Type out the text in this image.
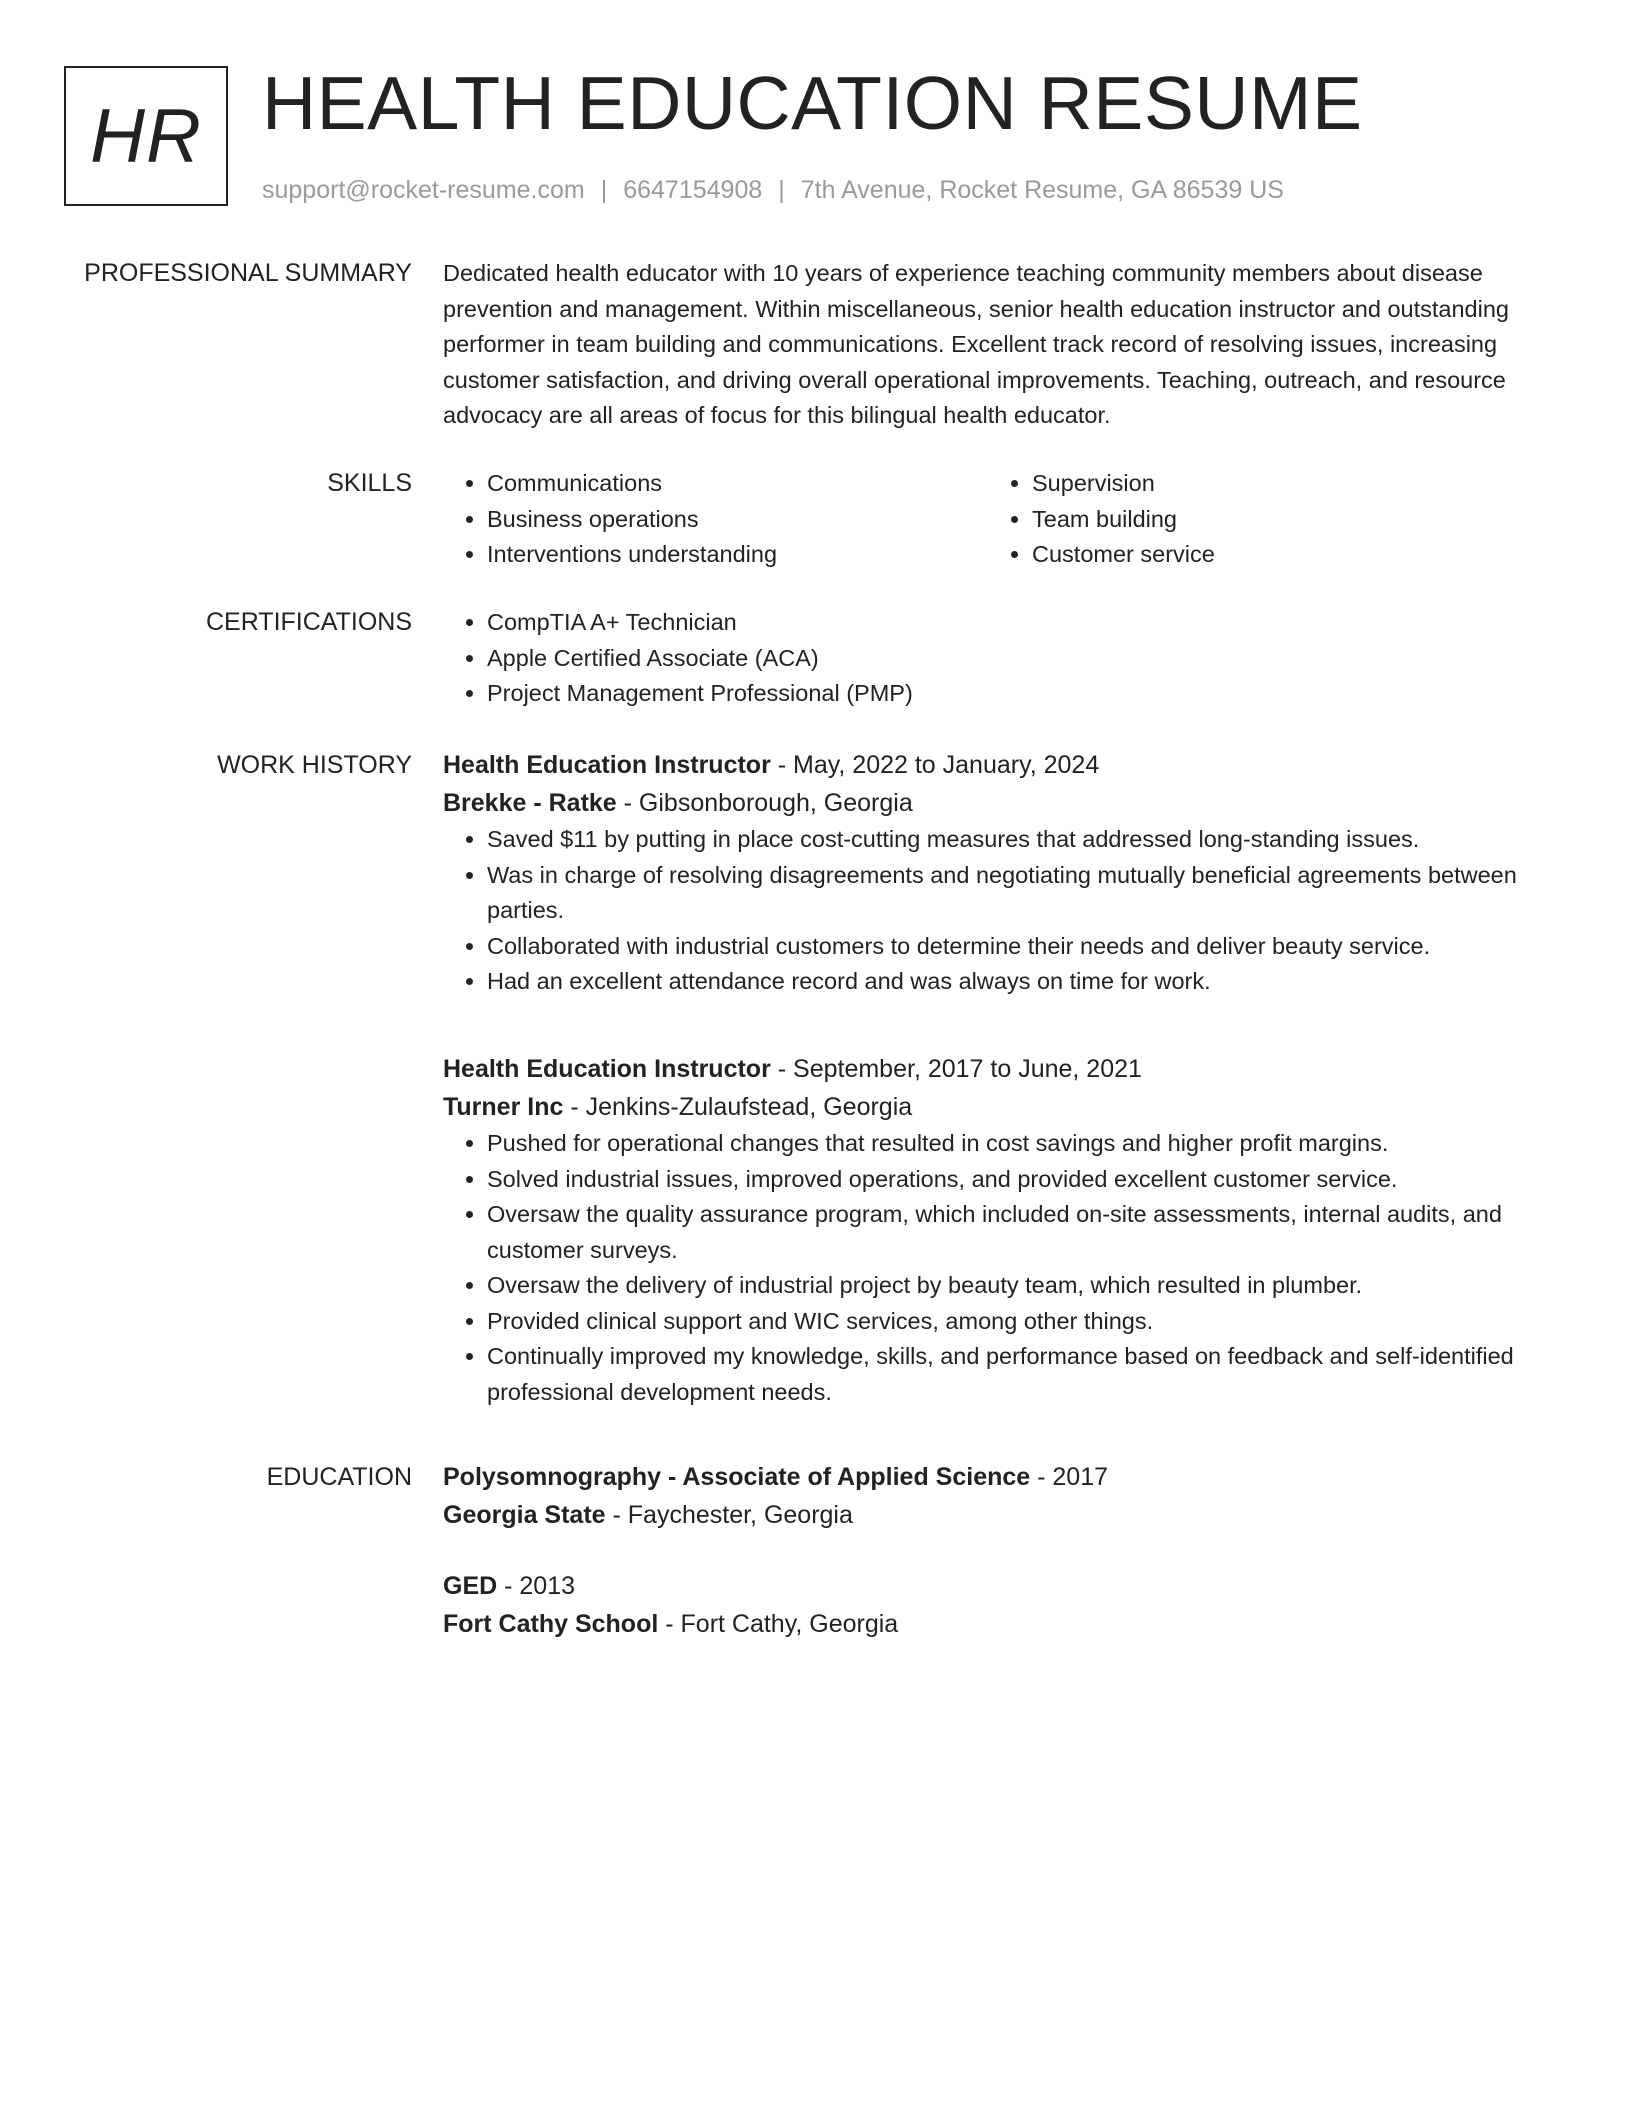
HR HEALTH EDUCATION RESUME
support@rocket-resume.com | 6647154908 | 7th Avenue, Rocket Resume, GA 86539 US
PROFESSIONAL SUMMARY Dedicated health educator with 10 years of experience teaching community members about disease prevention and management. Within miscellaneous, senior health education instructor and outstanding performer in team building and communications. Excellent track record of resolving issues, increasing customer satisfaction, and driving overall operational improvements. Teaching, outreach, and resource advocacy are all areas of focus for this bilingual health educator.

SKILLS	• Communications
• Business operations
• Interventions understanding
• Supervision
• Team building
• Customer service
CERTIFICATIONS	• CompTIA A+ Technician
• Apple Certified Associate (ACA)
• Project Management Professional (PMP)
WORK HISTORY Health Education Instructor - May, 2022 to January, 2024
Brekke - Ratke - Gibsonborough, Georgia
• Saved $11 by putting in place cost-cutting measures that addressed long-standing issues.
• Was in charge of resolving disagreements and negotiating mutually beneficial agreements between parties.
• Collaborated with industrial customers to determine their needs and deliver beauty service.
• Had an excellent attendance record and was always on time for work.
Health Education Instructor - September, 2017 to June, 2021
Turner Inc - Jenkins-Zulaufstead, Georgia
• Pushed for operational changes that resulted in cost savings and higher profit margins.
• Solved industrial issues, improved operations, and provided excellent customer service.
• Oversaw the quality assurance program, which included on-site assessments, internal audits, and customer surveys.
• Oversaw the delivery of industrial project by beauty team, which resulted in plumber.
• Provided clinical support and WIC services, among other things.
• Continually improved my knowledge, skills, and performance based on feedback and self-identified professional development needs.
EDUCATION Polysomnography - Associate of Applied Science - 2017
Georgia State - Faychester, Georgia
GED - 2013
Fort Cathy School - Fort Cathy, Georgia
